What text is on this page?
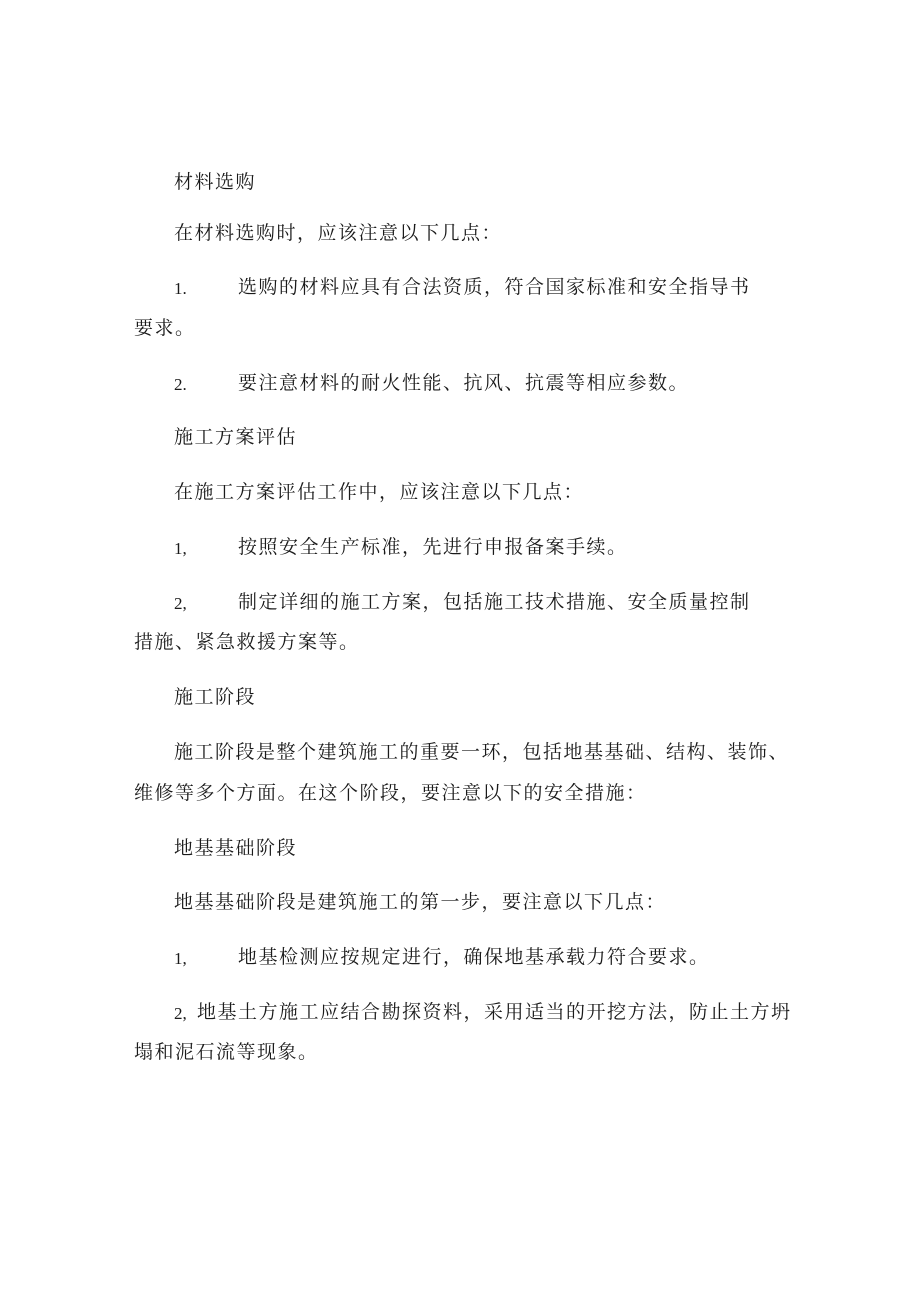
材料选购
在材料选购时，应该注意以下几点：
1.	选购的材料应具有合法资质，符合国家标准和安全指导书
要求。
2.	要注意材料的耐火性能、抗风、抗震等相应参数。
施工方案评估
在施工方案评估工作中，应该注意以下几点：
1,	按照安全生产标准，先进行申报备案手续。
2,	制定详细的施工方案，包括施工技术措施、安全质量控制
措施、紧急救援方案等。
施工阶段
施工阶段是整个建筑施工的重要一环，包括地基基础、结构、装饰、
维修等多个方面。在这个阶段，要注意以下的安全措施：
地基基础阶段
地基基础阶段是建筑施工的第一步，要注意以下几点：
1,	地基检测应按规定进行，确保地基承载力符合要求。
2, 地基土方施工应结合勘探资料，采用适当的开挖方法，防止土方坍
塌和泥石流等现象。
